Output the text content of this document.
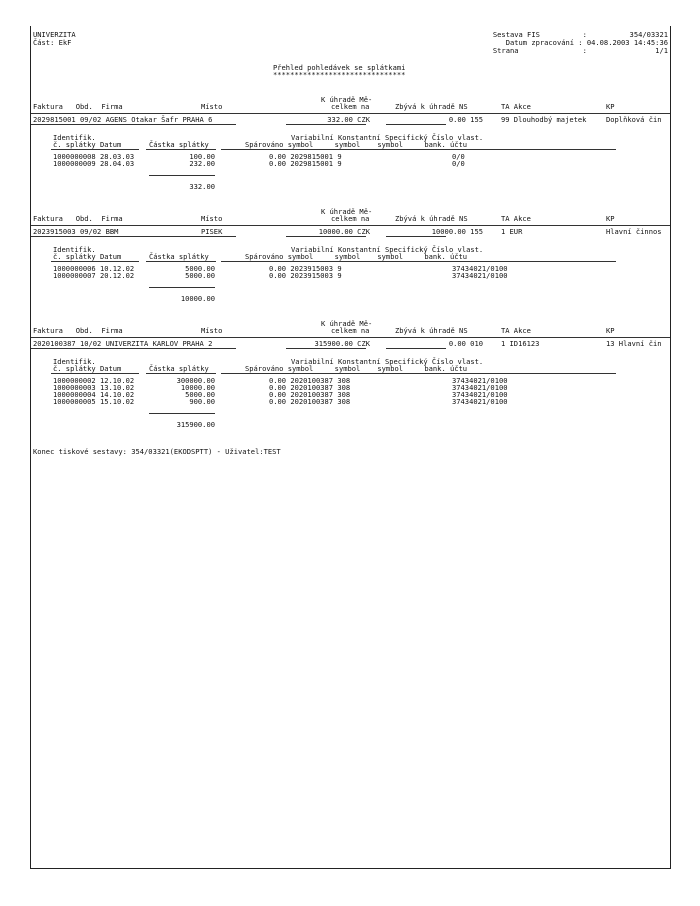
UNIVERZITA
Část: EkF
Sestava FIS          :          354/03321
Datum zpracování : 04.08.2003 14:45:36
Strana               :                1/1
Přehled pohledávek se splátkami
*******************************
K úhradě Mě-
Faktura   Obd.  Firma	Místo	celkem na	Zbývá k úhradě NS	TA Akce	KP
2029815001 09/02 AGENS Otakar Šafr PRAHA 6	332.00 CZK	0.00 155	99 Dlouhodbý majetek	Doplňková čin
Identifik.	Variabilní Konstantní Specifický Číslo vlast.
č. splátky Datum	Částka splátky	Spárováno symbol     symbol    symbol     bank. účtu
1000000008 28.03.03	100.00	0.00 2029815001 9	0/0
1000000009 28.04.03	232.00	0.00 2029815001 9	0/0
332.00
K úhradě Mě-
Faktura   Obd.  Firma	Místo	celkem na	Zbývá k úhradě NS	TA Akce	KP
2023915003 09/02 BBM	PISEK	10000.00 CZK	10000.00 155	1 EUR	Hlavní činnos
Identifik.	Variabilní Konstantní Specifický Číslo vlast.
č. splátky Datum	Částka splátky	Spárováno symbol     symbol    symbol     bank. účtu
1000000006 10.12.02	5000.00	0.00 2023915003 9	37434021/0100
1000000007 20.12.02	5000.00	0.00 2023915003 9	37434021/0100
10000.00
K úhradě Mě-
Faktura   Obd.  Firma	Místo	celkem na	Zbývá k úhradě NS	TA Akce	KP
2020100387 10/02 UNIVERZITA KARLOV PRAHA 2	315900.00 CZK	0.00 010	1 ID16123	13 Hlavní čin
Identifik.	Variabilní Konstantní Specifický Číslo vlast.
č. splátky Datum	Částka splátky	Spárováno symbol     symbol    symbol     bank. účtu
1000000002 12.10.02	300000.00	0.00 2020100387 308	37434021/0100
1000000003 13.10.02	10000.00	0.00 2020100387 308	37434021/0100
1000000004 14.10.02	5000.00	0.00 2020100387 308	37434021/0100
1000000005 15.10.02	900.00	0.00 2020100387 308	37434021/0100
315900.00
Konec tiskové sestavy: 354/03321(EKODSPTT) - Uživatel:TEST
